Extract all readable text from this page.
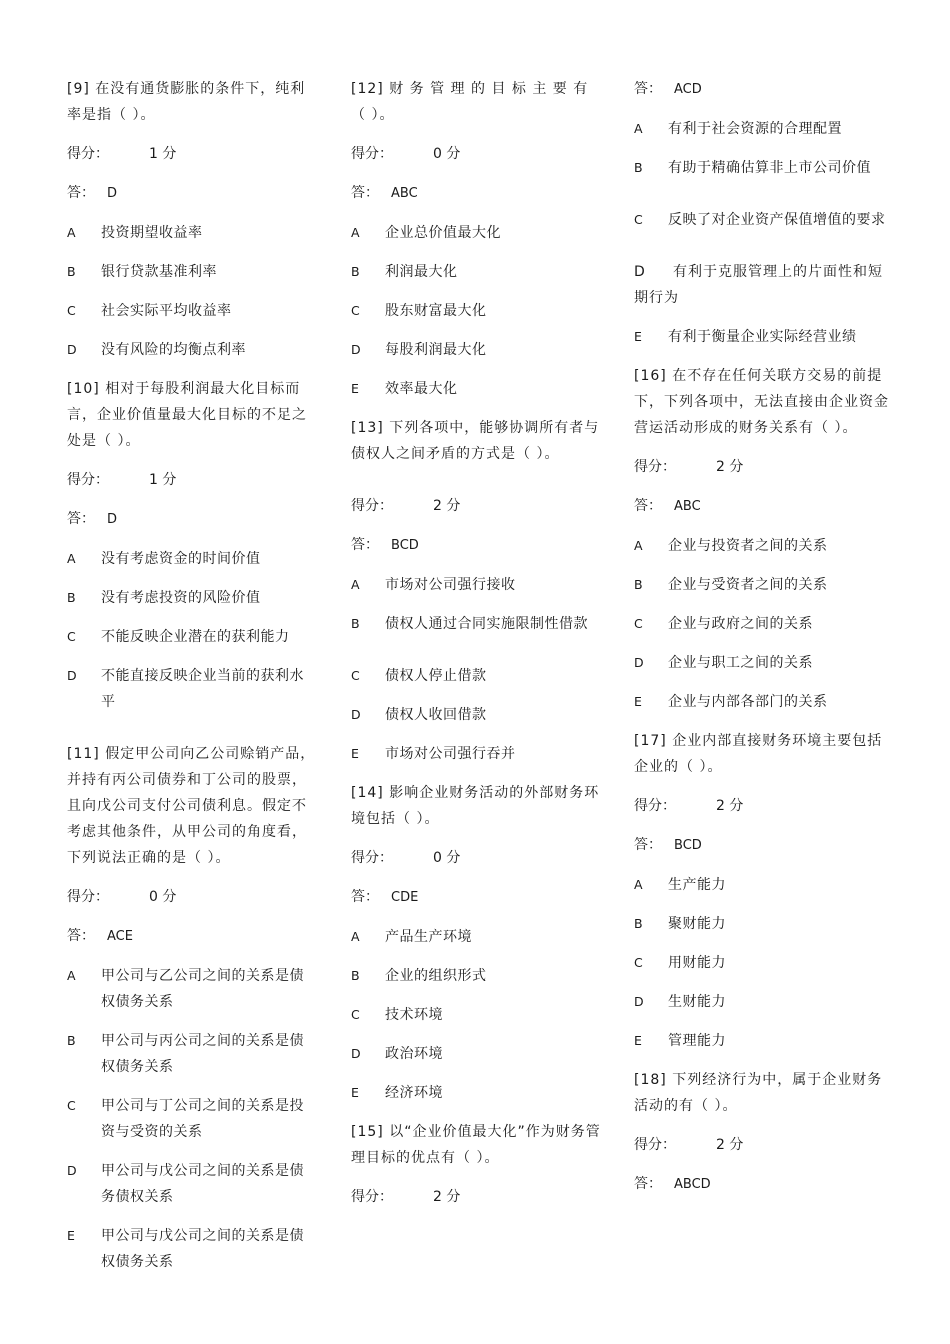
[9] 在没有通货膨胀的条件下，纯利率是指（ ）。
得分：	1 分
答： D
A	投资期望收益率
B	银行贷款基准利率
C	社会实际平均收益率
D	没有风险的均衡点利率
[10] 相对于每股利润最大化目标而言，企业价值量最大化目标的不足之处是（ ）。
得分：	1 分
答： D
A	没有考虑资金的时间价值
B	没有考虑投资的风险价值
C	不能反映企业潜在的获利能力
D	不能直接反映企业当前的获利水平
[11] 假定甲公司向乙公司赊销产品，并持有丙公司债券和丁公司的股票，且向戊公司支付公司债利息。假定不考虑其他条件，从甲公司的角度看，下列说法正确的是（ ）。
得分：	0 分
答： ACE
A	甲公司与乙公司之间的关系是债权债务关系
B	甲公司与丙公司之间的关系是债权债务关系
C	甲公司与丁公司之间的关系是投资与受资的关系
D	甲公司与戊公司之间的关系是债务债权关系
E	甲公司与戊公司之间的关系是债权债务关系
[12] 财 务 管 理 的 目 标 主 要 有 （ ）。
得分：	0 分
答： ABC
A	企业总价值最大化
B	利润最大化
C	股东财富最大化
D	每股利润最大化
E	效率最大化
[13] 下列各项中，能够协调所有者与债权人之间矛盾的方式是（ ）。
得分：	2 分
答： BCD
A	市场对公司强行接收
B	债权人通过合同实施限制性借款
C	债权人停止借款
D	债权人收回借款
E	市场对公司强行吞并
[14] 影响企业财务活动的外部财务环境包括（ ）。
得分：	0 分
答： CDE
A	产品生产环境
B	企业的组织形式
C	技术环境
D	政治环境
E	经济环境
[15] 以“企业价值最大化”作为财务管理目标的优点有（ ）。
得分：	2 分
答： ACD
A	有利于社会资源的合理配置
B	有助于精确估算非上市公司价值
C	反映了对企业资产保值增值的要求
D 有利于克服管理上的片面性和短期行为
E	有利于衡量企业实际经营业绩
[16] 在不存在任何关联方交易的前提下，下列各项中，无法直接由企业资金营运活动形成的财务关系有（ ）。
得分：	2 分
答： ABC
A	企业与投资者之间的关系
B	企业与受资者之间的关系
C	企业与政府之间的关系
D	企业与职工之间的关系
E	企业与内部各部门的关系
[17] 企业内部直接财务环境主要包括企业的（ ）。
得分：	2 分
答： BCD
A	生产能力
B	聚财能力
C	用财能力
D	生财能力
E	管理能力
[18] 下列经济行为中，属于企业财务活动的有（ ）。
得分：	2 分
答： ABCD
